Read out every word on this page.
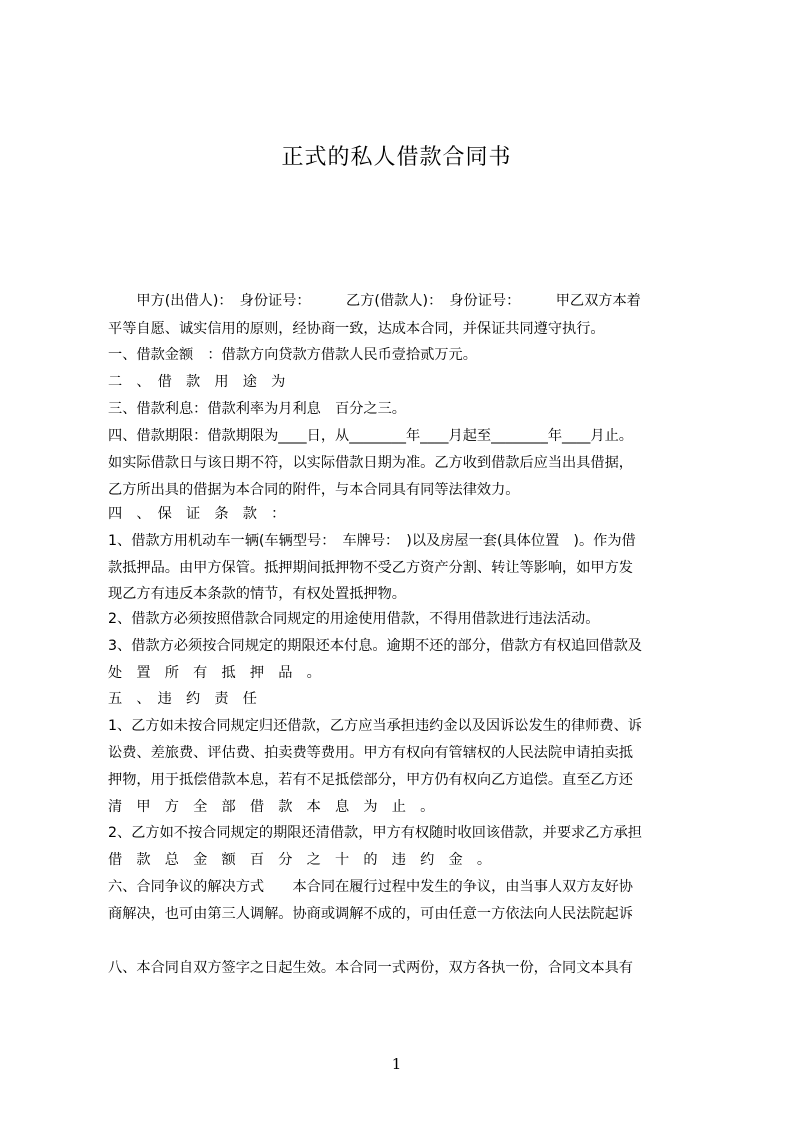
正式的私人借款合同书
　　甲方(出借人)：　身份证号：　　　乙方(借款人)：　身份证号：　　　甲乙双方本着
平等自愿、诚实信用的原则，经协商一致，达成本合同，并保证共同遵守执行。
一、借款金额　：借款方向贷款方借款人民币壹拾贰万元。
二　、　借　款　用　途　为
三、借款利息：借款利率为月利息　百分之三。
四、借款期限：借款期限为____日，从________年____月起至________年____月止。
如实际借款日与该日期不符，以实际借款日期为准。乙方收到借款后应当出具借据，
乙方所出具的借据为本合同的附件，与本合同具有同等法律效力。
四　、　保　证　条　款　：
1、借款方用机动车一辆(车辆型号：　车牌号：　)以及房屋一套(具体位置　)。作为借
款抵押品。由甲方保管。抵押期间抵押物不受乙方资产分割、转让等影响，如甲方发
现乙方有违反本条款的情节，有权处置抵押物。
2、借款方必须按照借款合同规定的用途使用借款，不得用借款进行违法活动。
3、借款方必须按合同规定的期限还本付息。逾期不还的部分，借款方有权追回借款及
处　置　所　有　抵　押　品　。
五　、　违　约　责　任
1、乙方如未按合同规定归还借款，乙方应当承担违约金以及因诉讼发生的律师费、诉
讼费、差旅费、评估费、拍卖费等费用。甲方有权向有管辖权的人民法院申请拍卖抵
押物，用于抵偿借款本息，若有不足抵偿部分，甲方仍有权向乙方追偿。直至乙方还
清　甲　方　全　部　借　款　本　息　为　止　。
2、乙方如不按合同规定的期限还清借款，甲方有权随时收回该借款，并要求乙方承担
借　款　总　金　额　百　分　之　十　的　违　约　金　。
六、合同争议的解决方式　　本合同在履行过程中发生的争议，由当事人双方友好协
商解决，也可由第三人调解。协商或调解不成的，可由任意一方依法向人民法院起诉
八、本合同自双方签字之日起生效。本合同一式两份，双方各执一份，合同文本具有
1
